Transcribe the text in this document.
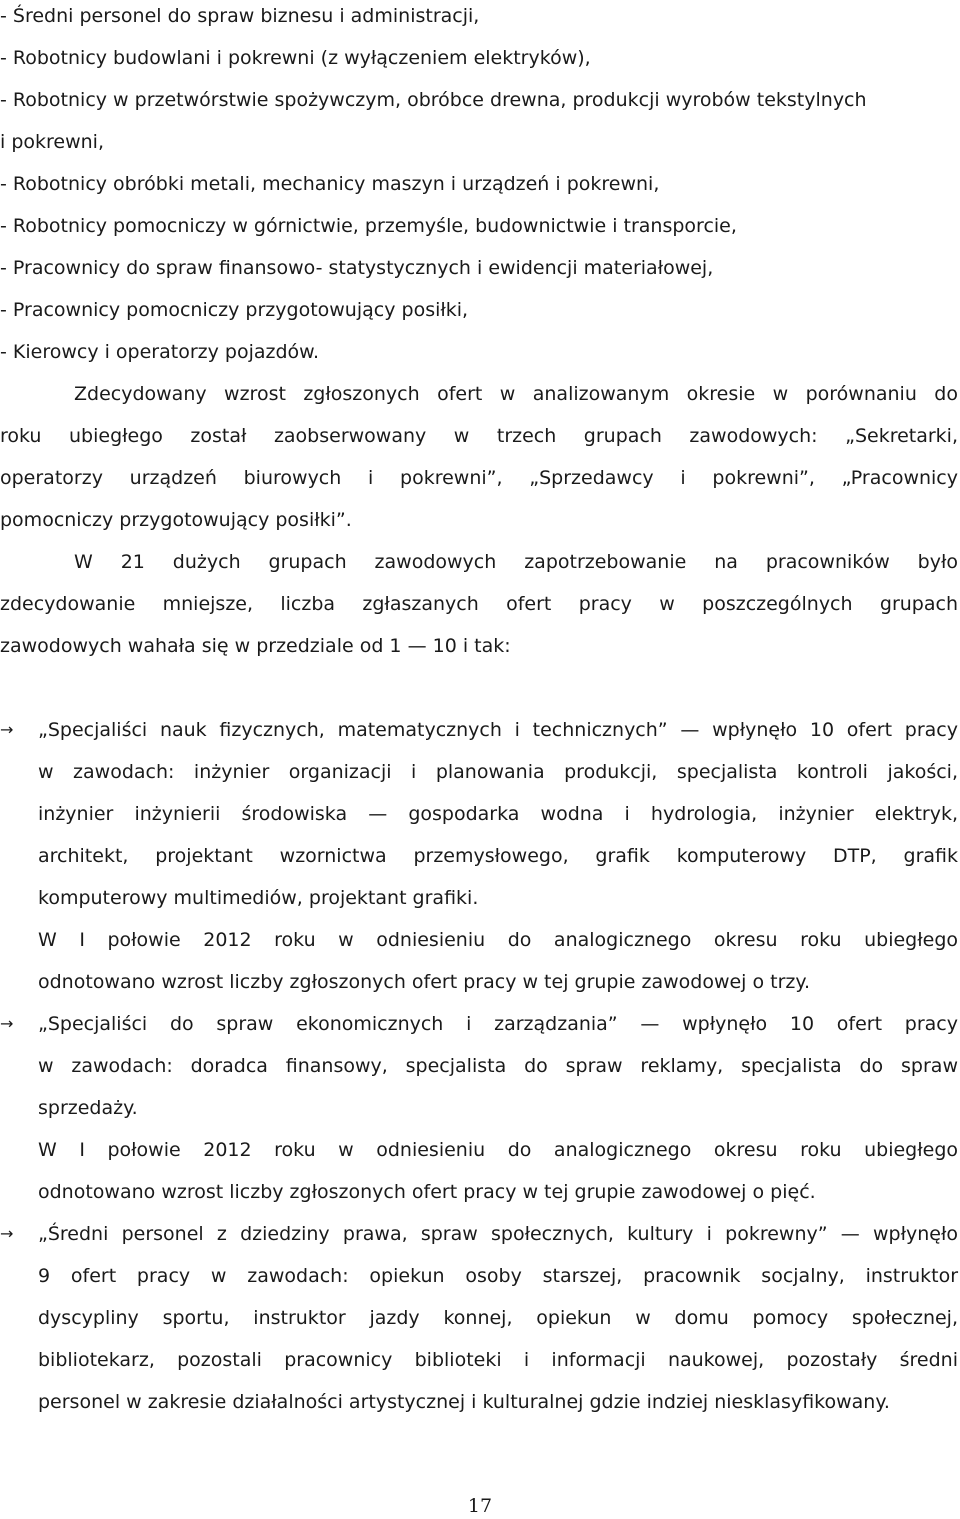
- Średni personel do spraw biznesu i administracji,
- Robotnicy budowlani i pokrewni (z wyłączeniem elektryków),
- Robotnicy w przetwórstwie spożywczym, obróbce drewna, produkcji wyrobów tekstylnych
i pokrewni,
- Robotnicy obróbki metali, mechanicy maszyn i urządzeń i pokrewni,
- Robotnicy pomocniczy w górnictwie, przemyśle, budownictwie i transporcie,
- Pracownicy do spraw finansowo- statystycznych i ewidencji materiałowej,
- Pracownicy pomocniczy przygotowujący posiłki,
- Kierowcy i operatorzy pojazdów.
Zdecydowany wzrost zgłoszonych ofert w analizowanym okresie w porównaniu do
roku ubiegłego został zaobserwowany w trzech grupach zawodowych: „Sekretarki,
operatorzy urządzeń biurowych i pokrewni”, „Sprzedawcy i pokrewni”, „Pracownicy
pomocniczy przygotowujący posiłki”.
W 21 dużych grupach zawodowych zapotrzebowanie na pracowników było
zdecydowanie mniejsze, liczba zgłaszanych ofert pracy w poszczególnych grupach
zawodowych wahała się w przedziale od 1 — 10 i tak:
→	„Specjaliści nauk fizycznych, matematycznych i technicznych” — wpłynęło 10 ofert pracy
w zawodach: inżynier organizacji i planowania produkcji, specjalista kontroli jakości,
inżynier inżynierii środowiska — gospodarka wodna i hydrologia, inżynier elektryk,
architekt, projektant wzornictwa przemysłowego, grafik komputerowy DTP, grafik
komputerowy multimediów, projektant grafiki.
W I połowie 2012 roku w odniesieniu do analogicznego okresu roku ubiegłego
odnotowano wzrost liczby zgłoszonych ofert pracy w tej grupie zawodowej o trzy.
→	„Specjaliści do spraw ekonomicznych i zarządzania” — wpłynęło 10 ofert pracy
w zawodach: doradca finansowy, specjalista do spraw reklamy, specjalista do spraw
sprzedaży.
W I połowie 2012 roku w odniesieniu do analogicznego okresu roku ubiegłego
odnotowano wzrost liczby zgłoszonych ofert pracy w tej grupie zawodowej o pięć.
→	„Średni personel z dziedziny prawa, spraw społecznych, kultury i pokrewny” — wpłynęło
9 ofert pracy w zawodach: opiekun osoby starszej, pracownik socjalny, instruktor
dyscypliny sportu, instruktor jazdy konnej, opiekun w domu pomocy społecznej,
bibliotekarz, pozostali pracownicy biblioteki i informacji naukowej, pozostały średni
personel w zakresie działalności artystycznej i kulturalnej gdzie indziej niesklasyfikowany.
17
